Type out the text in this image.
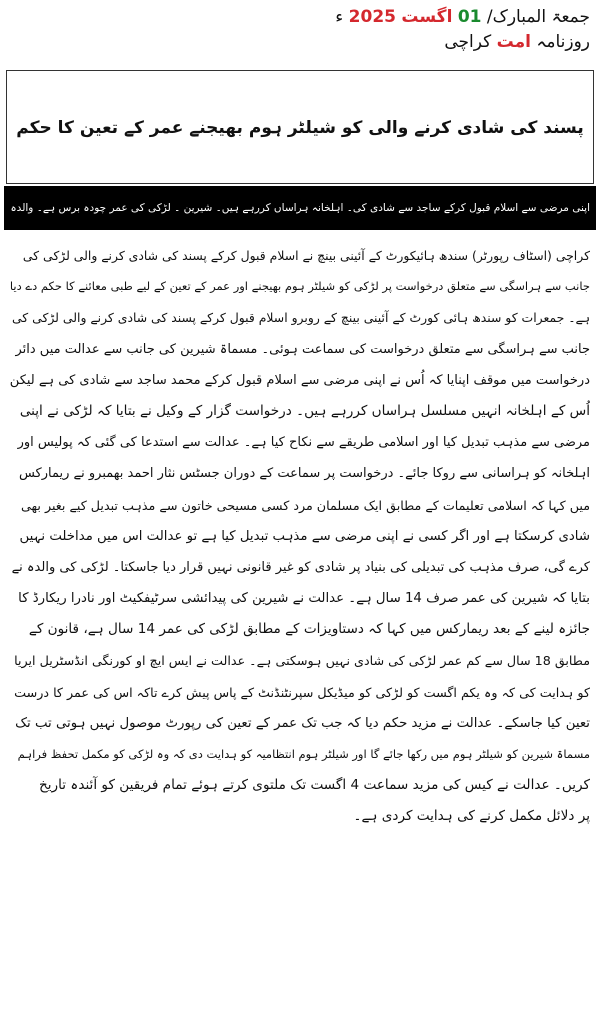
جمعۃ المبارک/ 01 اگست 2025 ء
روزنامہ امت کراچی
پسند کی شادی کرنے والی کو شیلٹر ہوم بھیجنے عمر کے تعین کا حکم
اپنی مرضی سے اسلام قبول کرکے ساجد سے شادی کی۔ اہلخانہ ہراساں کررہے ہیں۔ شیرین ۔ لڑکی کی عمر چودہ برس ہے۔ والدہ
کراچی (اسٹاف رپورٹر) سندھ ہائیکورٹ کے آئینی بینچ نے اسلام قبول کرکے پسند کی شادی کرنے والی لڑکی کی
جانب سے ہراسگی سے متعلق درخواست پر لڑکی کو شیلٹر ہوم بھیجنے اور عمر کے تعین کے لیے طبی معائنے کا حکم دے دیا
ہے۔ جمعرات کو سندھ ہائی کورٹ کے آئینی بینچ کے روبرو اسلام قبول کرکے پسند کی شادی کرنے والی لڑکی کی
جانب سے ہراسگی سے متعلق درخواست کی سماعت ہوئی۔ مسماۃ شیرین کی جانب سے عدالت میں دائر
درخواست میں موقف اپنایا کہ اُس نے اپنی مرضی سے اسلام قبول کرکے محمد ساجد سے شادی کی ہے لیکن
اُس کے اہلخانہ انہیں مسلسل ہراساں کررہے ہیں۔ درخواست گزار کے وکیل نے بتایا کہ لڑکی نے اپنی
مرضی سے مذہب تبدیل کیا اور اسلامی طریقے سے نکاح کیا ہے۔ عدالت سے استدعا کی گئی کہ پولیس اور
اہلخانہ کو ہراسانی سے روکا جائے۔ درخواست پر سماعت کے دوران جسٹس نثار احمد بھمبرو نے ریمارکس
میں کہا کہ اسلامی تعلیمات کے مطابق ایک مسلمان مرد کسی مسیحی خاتون سے مذہب تبدیل کیے بغیر بھی
شادی کرسکتا ہے اور اگر کسی نے اپنی مرضی سے مذہب تبدیل کیا ہے تو عدالت اس میں مداخلت نہیں
کرے گی، صرف مذہب کی تبدیلی کی بنیاد پر شادی کو غیر قانونی نہیں قرار دیا جاسکتا۔ لڑکی کی والدہ نے
بتایا کہ شیرین کی عمر صرف 14 سال ہے۔ عدالت نے شیرین کی پیدائشی سرٹیفکیٹ اور نادرا ریکارڈ کا
جائزہ لینے کے بعد ریمارکس میں کہا کہ دستاویزات کے مطابق لڑکی کی عمر 14 سال ہے، قانون کے
مطابق 18 سال سے کم عمر لڑکی کی شادی نہیں ہوسکتی ہے۔ عدالت نے ایس ایچ او کورنگی انڈسٹریل ایریا
کو ہدایت کی کہ وہ یکم اگست کو لڑکی کو میڈیکل سپرنٹنڈنٹ کے پاس پیش کرے تاکہ اس کی عمر کا درست
تعین کیا جاسکے۔ عدالت نے مزید حکم دیا کہ جب تک عمر کے تعین کی رپورٹ موصول نہیں ہوتی تب تک
مسماۃ شیرین کو شیلٹر ہوم میں رکھا جائے گا اور شیلٹر ہوم انتظامیہ کو ہدایت دی کہ وہ لڑکی کو مکمل تحفظ فراہم
کریں۔ عدالت نے کیس کی مزید سماعت 4 اگست تک ملتوی کرتے ہوئے تمام فریقین کو آئندہ تاریخ
پر دلائل مکمل کرنے کی ہدایت کردی ہے۔
